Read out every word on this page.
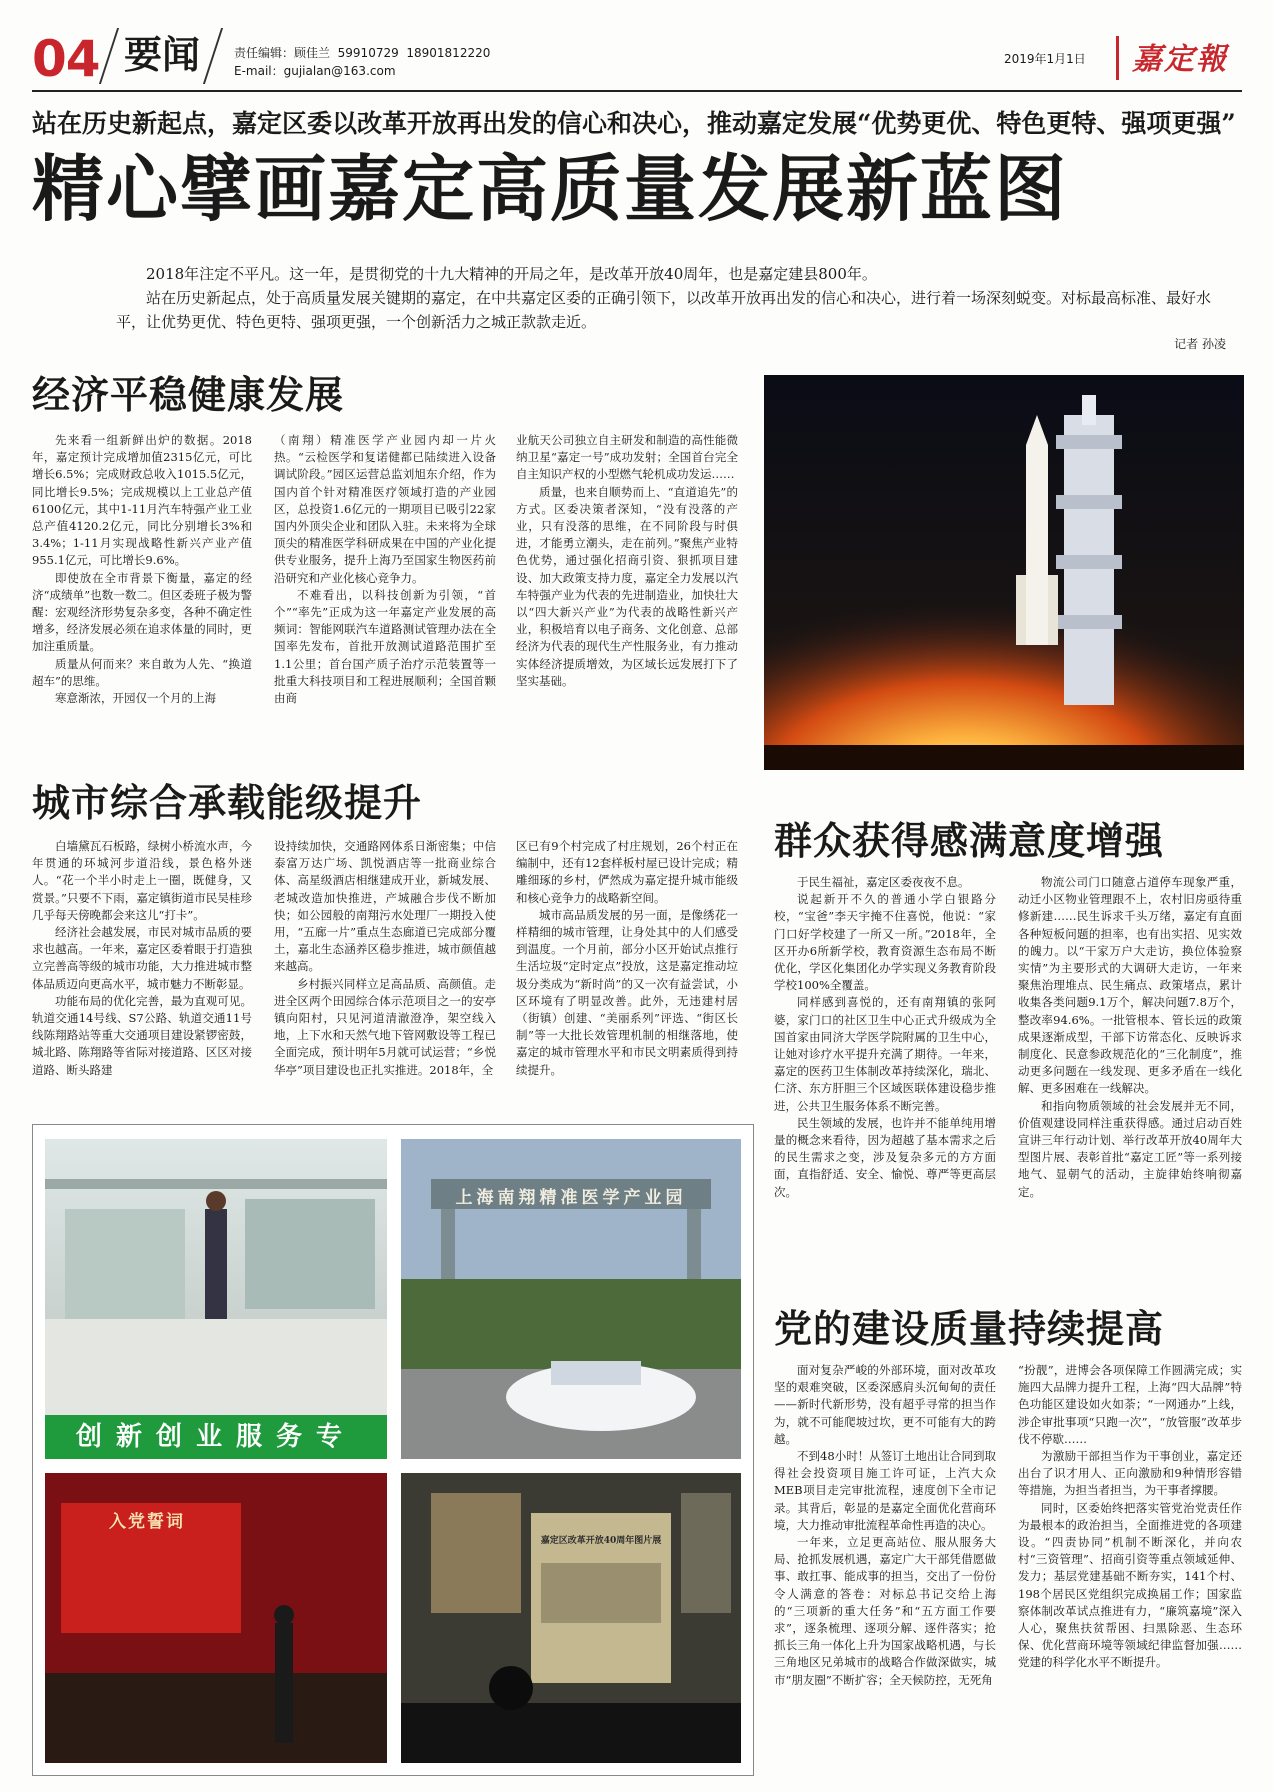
04 要闻	责任编辑：顾佳兰 59910729 18901812220
E-mail：gujialan@163.com
2019年1月1日 嘉定報
站在历史新起点，嘉定区委以改革开放再出发的信心和决心，推动嘉定发展“优势更优、特色更特、强项更强”
精心擘画嘉定高质量发展新蓝图

2018年注定不平凡。这一年，是贯彻党的十九大精神的开局之年，是改革开放40周年，也是嘉定建县800年。

站在历史新起点，处于高质量发展关键期的嘉定，在中共嘉定区委的正确引领下，以改革开放再出发的信心和决心，进行着一场深刻蜕变。对标最高标准、最好水平，让优势更优、特色更特、强项更强，一个创新活力之城正款款走近。

记者 孙凌
经济平稳健康发展

先来看一组新鲜出炉的数据。2018年，嘉定预计完成增加值2315亿元，可比增长6.5%；完成财政总收入1015.5亿元，同比增长9.5%；完成规模以上工业总产值6100亿元，其中1-11月汽车特强产业工业总产值4120.2亿元，同比分别增长3%和3.4%；1-11月实现战略性新兴产业产值955.1亿元，可比增长9.6%。

即使放在全市背景下衡量，嘉定的经济“成绩单”也数一数二。但区委班子极为警醒：宏观经济形势复杂多变，各种不确定性增多，经济发展必须在追求体量的同时，更加注重质量。

质量从何而来？来自敢为人先、“换道超车”的思维。

寒意渐浓，开园仅一个月的上海

（南翔）精准医学产业园内却一片火热。“云检医学和复诺健都已陆续进入设备调试阶段。”园区运营总监刘旭东介绍，作为国内首个针对精准医疗领域打造的产业园区，总投资1.6亿元的一期项目已吸引22家国内外顶尖企业和团队入驻。未来将为全球顶尖的精准医学科研成果在中国的产业化提供专业服务，提升上海乃至国家生物医药前沿研究和产业化核心竞争力。

不难看出，以科技创新为引领，“首个”“率先”正成为这一年嘉定产业发展的高频词：智能网联汽车道路测试管理办法在全国率先发布，首批开放测试道路范围扩至1.1公里；首台国产质子治疗示范装置等一批重大科技项目和工程进展顺利；全国首颗由商

业航天公司独立自主研发和制造的高性能微纳卫星“嘉定一号”成功发射；全国首台完全自主知识产权的小型燃气轮机成功发运……

质量，也来自顺势而上、“直道追先”的方式。区委决策者深知，“没有没落的产业，只有没落的思维，在不同阶段与时俱进，才能勇立潮头，走在前列。”聚焦产业特色优势，通过强化招商引资、狠抓项目建设、加大政策支持力度，嘉定全力发展以汽车特强产业为代表的先进制造业，加快壮大以“四大新兴产业”为代表的战略性新兴产业，积极培育以电子商务、文化创意、总部经济为代表的现代生产性服务业，有力推动实体经济提质增效，为区域长远发展打下了坚实基础。

城市综合承载能级提升

白墙黛瓦石板路，绿树小桥流水声，今年贯通的环城河步道沿线，景色格外迷人。“花一个半小时走上一圈，既健身，又赏景。”只要不下雨，嘉定镇街道市民吴桂珍几乎每天傍晚都会来这儿“打卡”。

经济社会越发展，市民对城市品质的要求也越高。一年来，嘉定区委着眼于打造独立完善高等级的城市功能，大力推进城市整体品质迈向更高水平，城市魅力不断彰显。

功能布局的优化完善，最为直观可见。轨道交通14号线、S7公路、轨道交通11号线陈翔路站等重大交通项目建设紧锣密鼓，城北路、陈翔路等省际对接道路、区区对接道路、断头路建

设持续加快，交通路网体系日渐密集；中信泰富万达广场、凯悦酒店等一批商业综合体、高星级酒店相继建成开业，新城发展、老城改造加快推进，产城融合步伐不断加快；如公园般的南翔污水处理厂一期投入使用，“五廊一片”重点生态廊道已完成部分覆土，嘉北生态涵养区稳步推进，城市颜值越来越高。

乡村振兴同样立足高品质、高颜值。走进全区两个田园综合体示范项目之一的安亭镇向阳村，只见河道清澈澄净，架空线入地，上下水和天然气地下管网敷设等工程已全面完成，预计明年5月就可试运营；“乡悦华亭”项目建设也正扎实推进。2018年，全

区已有9个村完成了村庄规划，26个村正在编制中，还有12套样板村屋已设计完成；精雕细琢的乡村，俨然成为嘉定提升城市能级和核心竞争力的战略新空间。

城市高品质发展的另一面，是像绣花一样精细的城市管理，让身处其中的人们感受到温度。一个月前，部分小区开始试点推行生活垃圾“定时定点”投放，这是嘉定推动垃圾分类成为“新时尚”的又一次有益尝试，小区环境有了明显改善。此外，无违建村居（街镇）创建、“美丽系列”评选、“街区长制”等一大批长效管理机制的相继落地，使嘉定的城市管理水平和市民文明素质得到持续提升。

群众获得感满意度增强

于民生福祉，嘉定区委夜夜不息。

说起新开不久的普通小学白银路分校，“宝爸”李天宇掩不住喜悦，他说：“家门口好学校建了一所又一所。”2018年，全区开办6所新学校，教育资源生态布局不断优化，学区化集团化办学实现义务教育阶段学校100%全覆盖。

同样感到喜悦的，还有南翔镇的张阿婆，家门口的社区卫生中心正式升级成为全国首家由同济大学医学院附属的卫生中心，让她对诊疗水平提升充满了期待。一年来，嘉定的医药卫生体制改革持续深化，瑞北、仁济、东方肝胆三个区域医联体建设稳步推进，公共卫生服务体系不断完善。

民生领域的发展，也许并不能单纯用增量的概念来看待，因为超越了基本需求之后的民生需求之变，涉及复杂多元的方方面面，直指舒适、安全、愉悦、尊严等更高层次。

物流公司门口随意占道停车现象严重，动迁小区物业管理跟不上，农村旧房亟待重修新建……民生诉求千头万绪，嘉定有直面各种短板问题的担率，也有出实招、见实效的魄力。以“干家万户大走访，换位体验察实情”为主要形式的大调研大走访，一年来聚焦治理堆点、民生痛点、政策堵点，累计收集各类问题9.1万个，解决问题7.8万个，整改率94.6%。一批管根本、管长远的政策成果逐渐成型，干部下访常态化、反映诉求制度化、民意参政规范化的“三化制度”，推动更多问题在一线发现、更多矛盾在一线化解、更多困难在一线解决。

和指向物质领域的社会发展并无不同，价值观建设同样注重获得感。通过启动百姓宣讲三年行动计划、举行改革开放40周年大型图片展、表彰首批“嘉定工匠”等一系列接地气、显朝气的活动，主旋律始终响彻嘉定。

党的建设质量持续提高

面对复杂严峻的外部环境，面对改革攻坚的艰难突破，区委深感肩头沉甸甸的责任——新时代新形势，没有超乎寻常的担当作为，就不可能爬坡过坎，更不可能有大的跨越。

不到48小时！从签订土地出让合同到取得社会投资项目施工许可证，上汽大众MEB项目走完审批流程，速度创下全市记录。其背后，彰显的是嘉定全面优化营商环境，大力推动审批流程革命性再造的决心。

一年来，立足更高站位、服从服务大局、抢抓发展机遇，嘉定广大干部凭借愿做事、敢扛事、能成事的担当，交出了一份份令人满意的答卷：对标总书记交给上海的“三项新的重大任务”和“五方面工作要求”，逐条梳理、逐项分解、逐件落实；抢抓长三角一体化上升为国家战略机遇，与长三角地区兄弟城市的战略合作做深做实，城市“朋友圈”不断扩容；全天候防控，无死角

“扮靓”，进博会各项保障工作圆满完成；实施四大品牌力提升工程，上海“四大品牌”特色功能区建设如火如荼；“一网通办”上线，涉企审批事项“只跑一次”，“放管服”改革步伐不停歇……

为激励干部担当作为干事创业，嘉定还出台了识才用人、正向激励和9种情形容错等措施，为担当者担当，为干事者撑腰。

同时，区委始终把落实管党治党责任作为最根本的政治担当，全面推进党的各项建设。“四责协同”机制不断深化，并向农村“三资管理”、招商引资等重点领域延伸、发力；基层党建基础不断夯实，141个村、198个居民区党组织完成换届工作；国家监察体制改革试点推进有力，“廉筑嘉境”深入人心，聚焦扶贫帮困、扫黑除恶、生态环保、优化营商环境等领域纪律监督加强……党建的科学化水平不断提升。

创新创业服务专
上海南翔精准医学产业园
入党誓词
嘉定区改革开放40周年图片展
